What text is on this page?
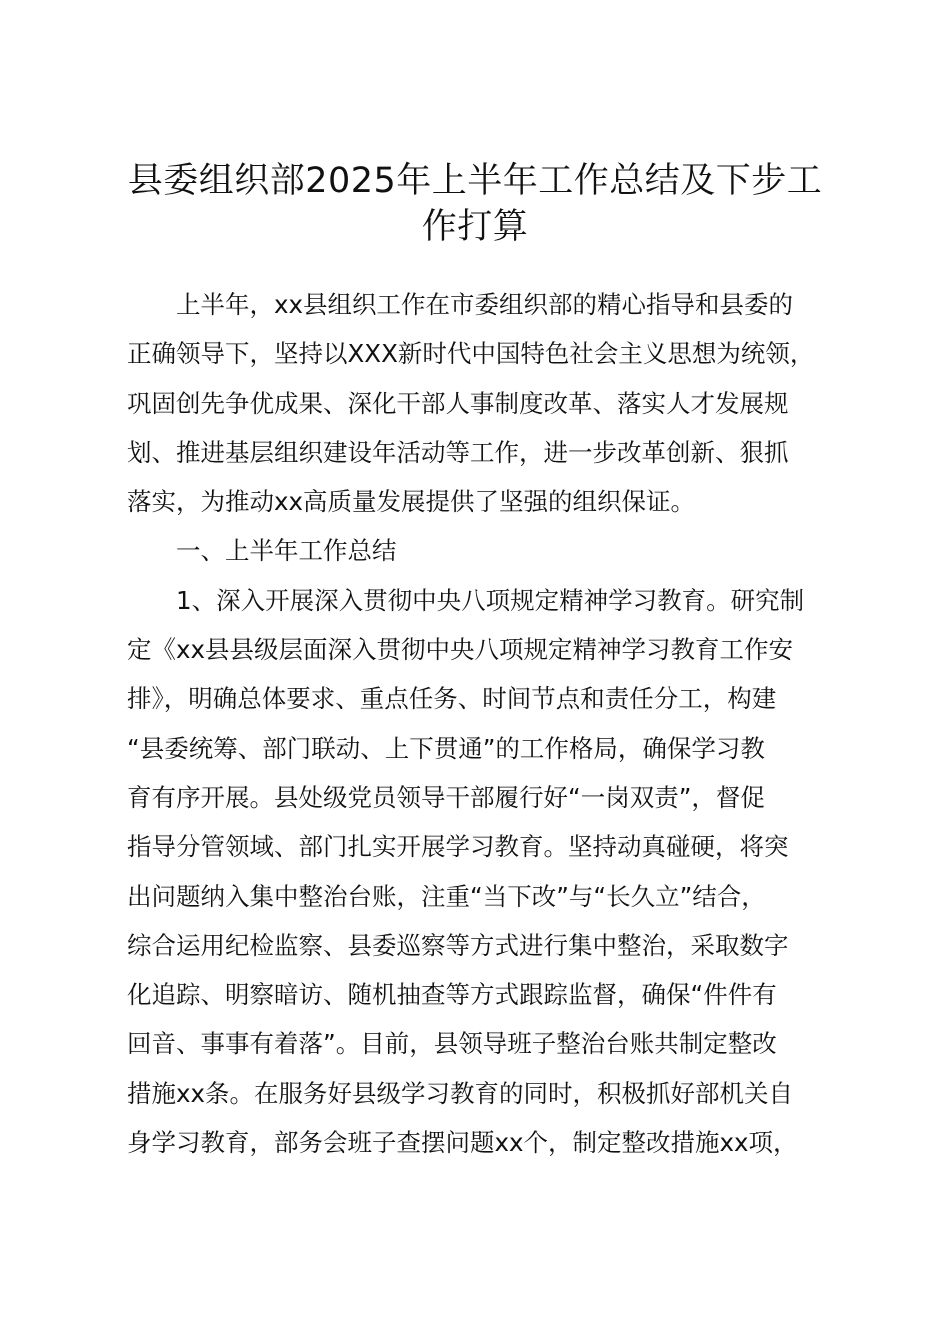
县委组织部2025年上半年工作总结及下步工
作打算
上半年，xx县组织工作在市委组织部的精心指导和县委的
正确领导下，坚持以XXX新时代中国特色社会主义思想为统领，
巩固创先争优成果、深化干部人事制度改革、落实人才发展规
划、推进基层组织建设年活动等工作，进一步改革创新、狠抓
落实，为推动xx高质量发展提供了坚强的组织保证。
一、上半年工作总结
1、深入开展深入贯彻中央八项规定精神学习教育。研究制
定《xx县县级层面深入贯彻中央八项规定精神学习教育工作安
排》，明确总体要求、重点任务、时间节点和责任分工，构建
“县委统筹、部门联动、上下贯通”的工作格局，确保学习教
育有序开展。县处级党员领导干部履行好“一岗双责”，督促
指导分管领域、部门扎实开展学习教育。坚持动真碰硬，将突
出问题纳入集中整治台账，注重“当下改”与“长久立”结合，
综合运用纪检监察、县委巡察等方式进行集中整治，采取数字
化追踪、明察暗访、随机抽查等方式跟踪监督，确保“件件有
回音、事事有着落”。目前，县领导班子整治台账共制定整改
措施xx条。在服务好县级学习教育的同时，积极抓好部机关自
身学习教育，部务会班子查摆问题xx个，制定整改措施xx项，
